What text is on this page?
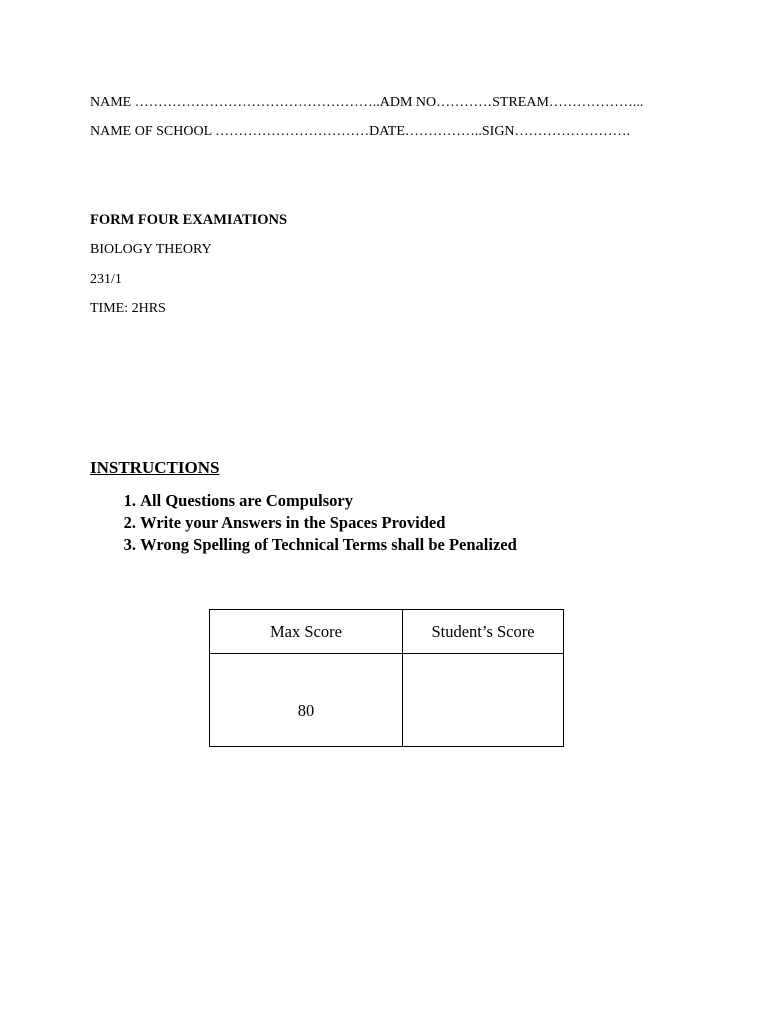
NAME ……………………………………………..ADM NO…………STREAM………………...
NAME OF SCHOOL ……………………………DATE……………..SIGN…………………….
FORM FOUR EXAMIATIONS
BIOLOGY THEORY
231/1
TIME: 2HRS
INSTRUCTIONS
1. All Questions are Compulsory
2. Write your Answers in the Spaces Provided
3. Wrong Spelling of Technical Terms shall be Penalized
Max Score	Student’s Score
80	
